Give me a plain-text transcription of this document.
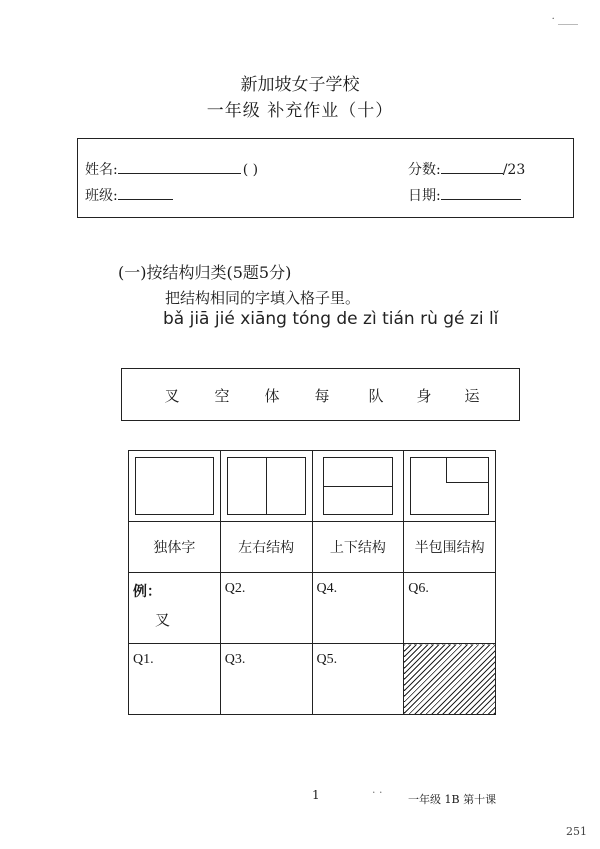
· ____
新加坡女子学校
一年级 补充作业（十）
姓名:	( )	分数:	/23
班级:	日期:
(一)按结构归类(5题5分)
把结构相同的字填入格子里。
bǎ jiā jié xiāng tóng de zì tián rù gé zi lǐ
叉 空 体 每	队 身 运

独体字	左右结构	上下结构	半包围结构

例：
叉	Q2.	Q4.	Q6.

Q1.	Q3.	Q5.	

1	· ·
一年级 1B 第十课
251
